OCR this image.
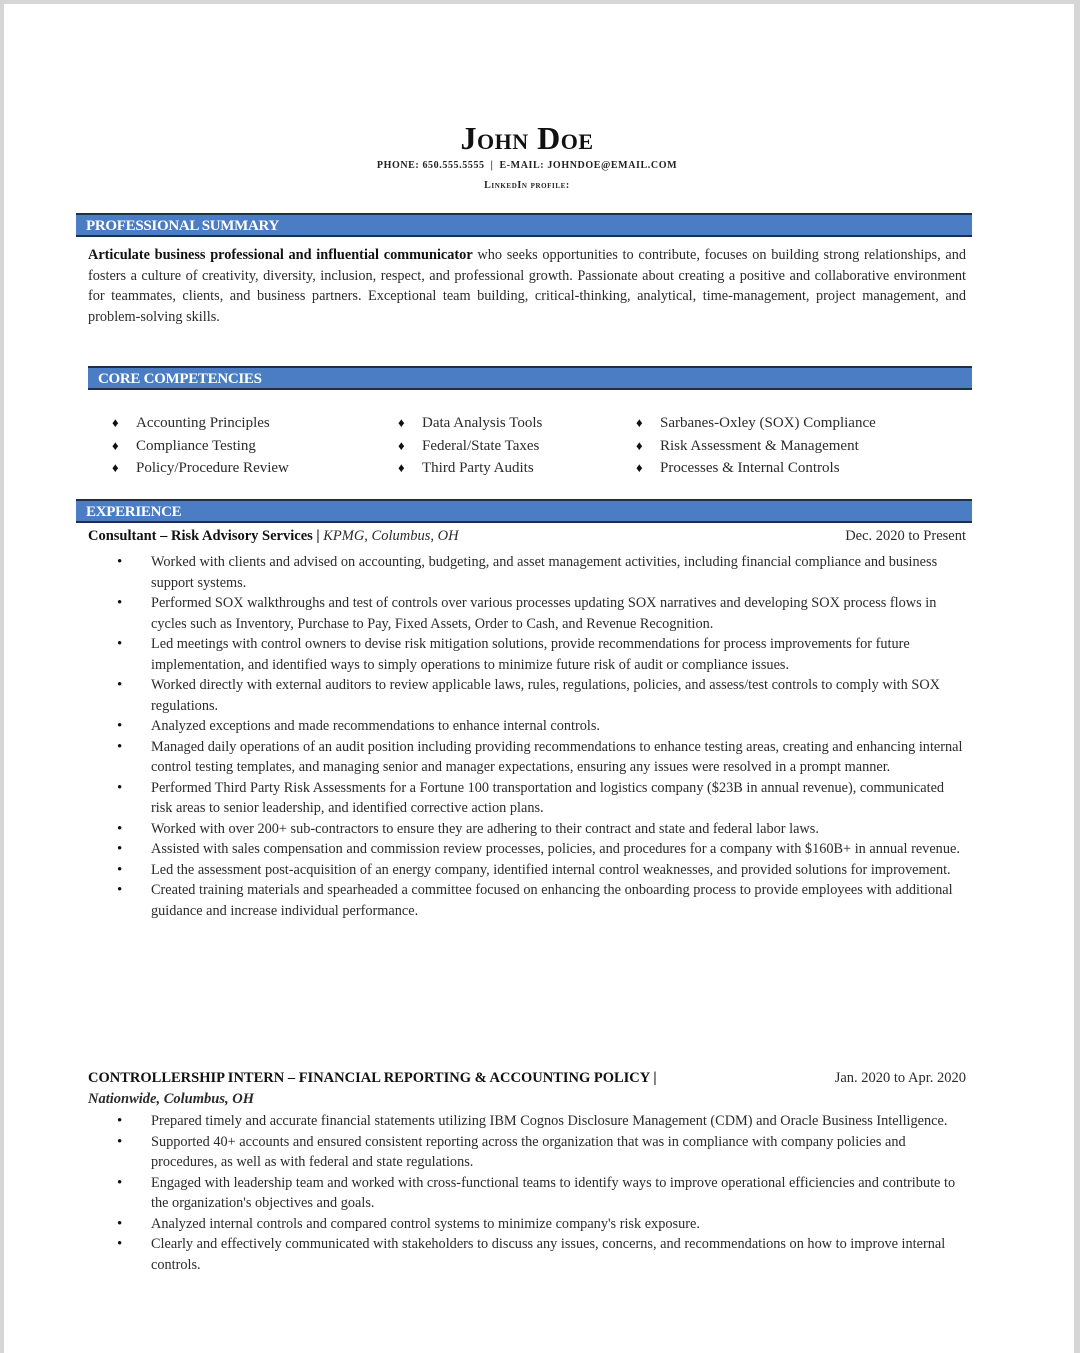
John Doe
PHONE: 650.555.5555 | E-MAIL: JOHNDOE@EMAIL.COM
LinkedIn profile:
PROFESSIONAL SUMMARY
Articulate business professional and influential communicator who seeks opportunities to contribute, focuses on building strong relationships, and fosters a culture of creativity, diversity, inclusion, respect, and professional growth. Passionate about creating a positive and collaborative environment for teammates, clients, and business partners. Exceptional team building, critical-thinking, analytical, time-management, project management, and problem-solving skills.
CORE COMPETENCIES
♦ Accounting Principles
♦ Compliance Testing
♦ Policy/Procedure Review
♦ Data Analysis Tools
♦ Federal/State Taxes
♦ Third Party Audits
♦ Sarbanes-Oxley (SOX) Compliance
♦ Risk Assessment & Management
♦ Processes & Internal Controls
EXPERIENCE
Consultant – Risk Advisory Services | KPMG, Columbus, OH	Dec. 2020 to Present
• Worked with clients and advised on accounting, budgeting, and asset management activities, including financial compliance and business support systems.
• Performed SOX walkthroughs and test of controls over various processes updating SOX narratives and developing SOX process flows in cycles such as Inventory, Purchase to Pay, Fixed Assets, Order to Cash, and Revenue Recognition.
• Led meetings with control owners to devise risk mitigation solutions, provide recommendations for process improvements for future implementation, and identified ways to simply operations to minimize future risk of audit or compliance issues.
• Worked directly with external auditors to review applicable laws, rules, regulations, policies, and assess/test controls to comply with SOX regulations.
• Analyzed exceptions and made recommendations to enhance internal controls.
• Managed daily operations of an audit position including providing recommendations to enhance testing areas, creating and enhancing internal control testing templates, and managing senior and manager expectations, ensuring any issues were resolved in a prompt manner.
• Performed Third Party Risk Assessments for a Fortune 100 transportation and logistics company ($23B in annual revenue), communicated risk areas to senior leadership, and identified corrective action plans.
• Worked with over 200+ sub-contractors to ensure they are adhering to their contract and state and federal labor laws.
• Assisted with sales compensation and commission review processes, policies, and procedures for a company with $160B+ in annual revenue.
• Led the assessment post-acquisition of an energy company, identified internal control weaknesses, and provided solutions for improvement.
• Created training materials and spearheaded a committee focused on enhancing the onboarding process to provide employees with additional guidance and increase individual performance.
CONTROLLERSHIP INTERN – FINANCIAL REPORTING & ACCOUNTING POLICY |
Nationwide, Columbus, OH
Jan. 2020 to Apr. 2020
• Prepared timely and accurate financial statements utilizing IBM Cognos Disclosure Management (CDM) and Oracle Business Intelligence.
• Supported 40+ accounts and ensured consistent reporting across the organization that was in compliance with company policies and procedures, as well as with federal and state regulations.
• Engaged with leadership team and worked with cross-functional teams to identify ways to improve operational efficiencies and contribute to the organization's objectives and goals.
• Analyzed internal controls and compared control systems to minimize company's risk exposure.
• Clearly and effectively communicated with stakeholders to discuss any issues, concerns, and recommendations on how to improve internal controls.
